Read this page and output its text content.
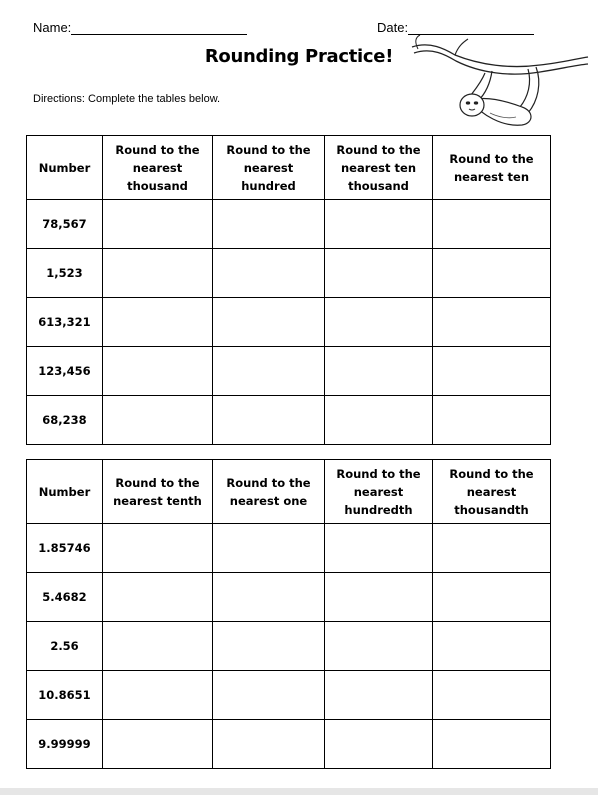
Name:	Date:
Rounding Practice!
Directions: Complete the tables below.
Number	Round to the nearest thousand	Round to the nearest hundred	Round to the nearest ten thousand	Round to the nearest ten
78,567				
1,523				
613,321				
123,456				
68,238				
Number	Round to the nearest tenth	Round to the nearest one	Round to the nearest hundredth	Round to the nearest thousandth
1.85746				
5.4682				
2.56				
10.8651				
9.99999				
